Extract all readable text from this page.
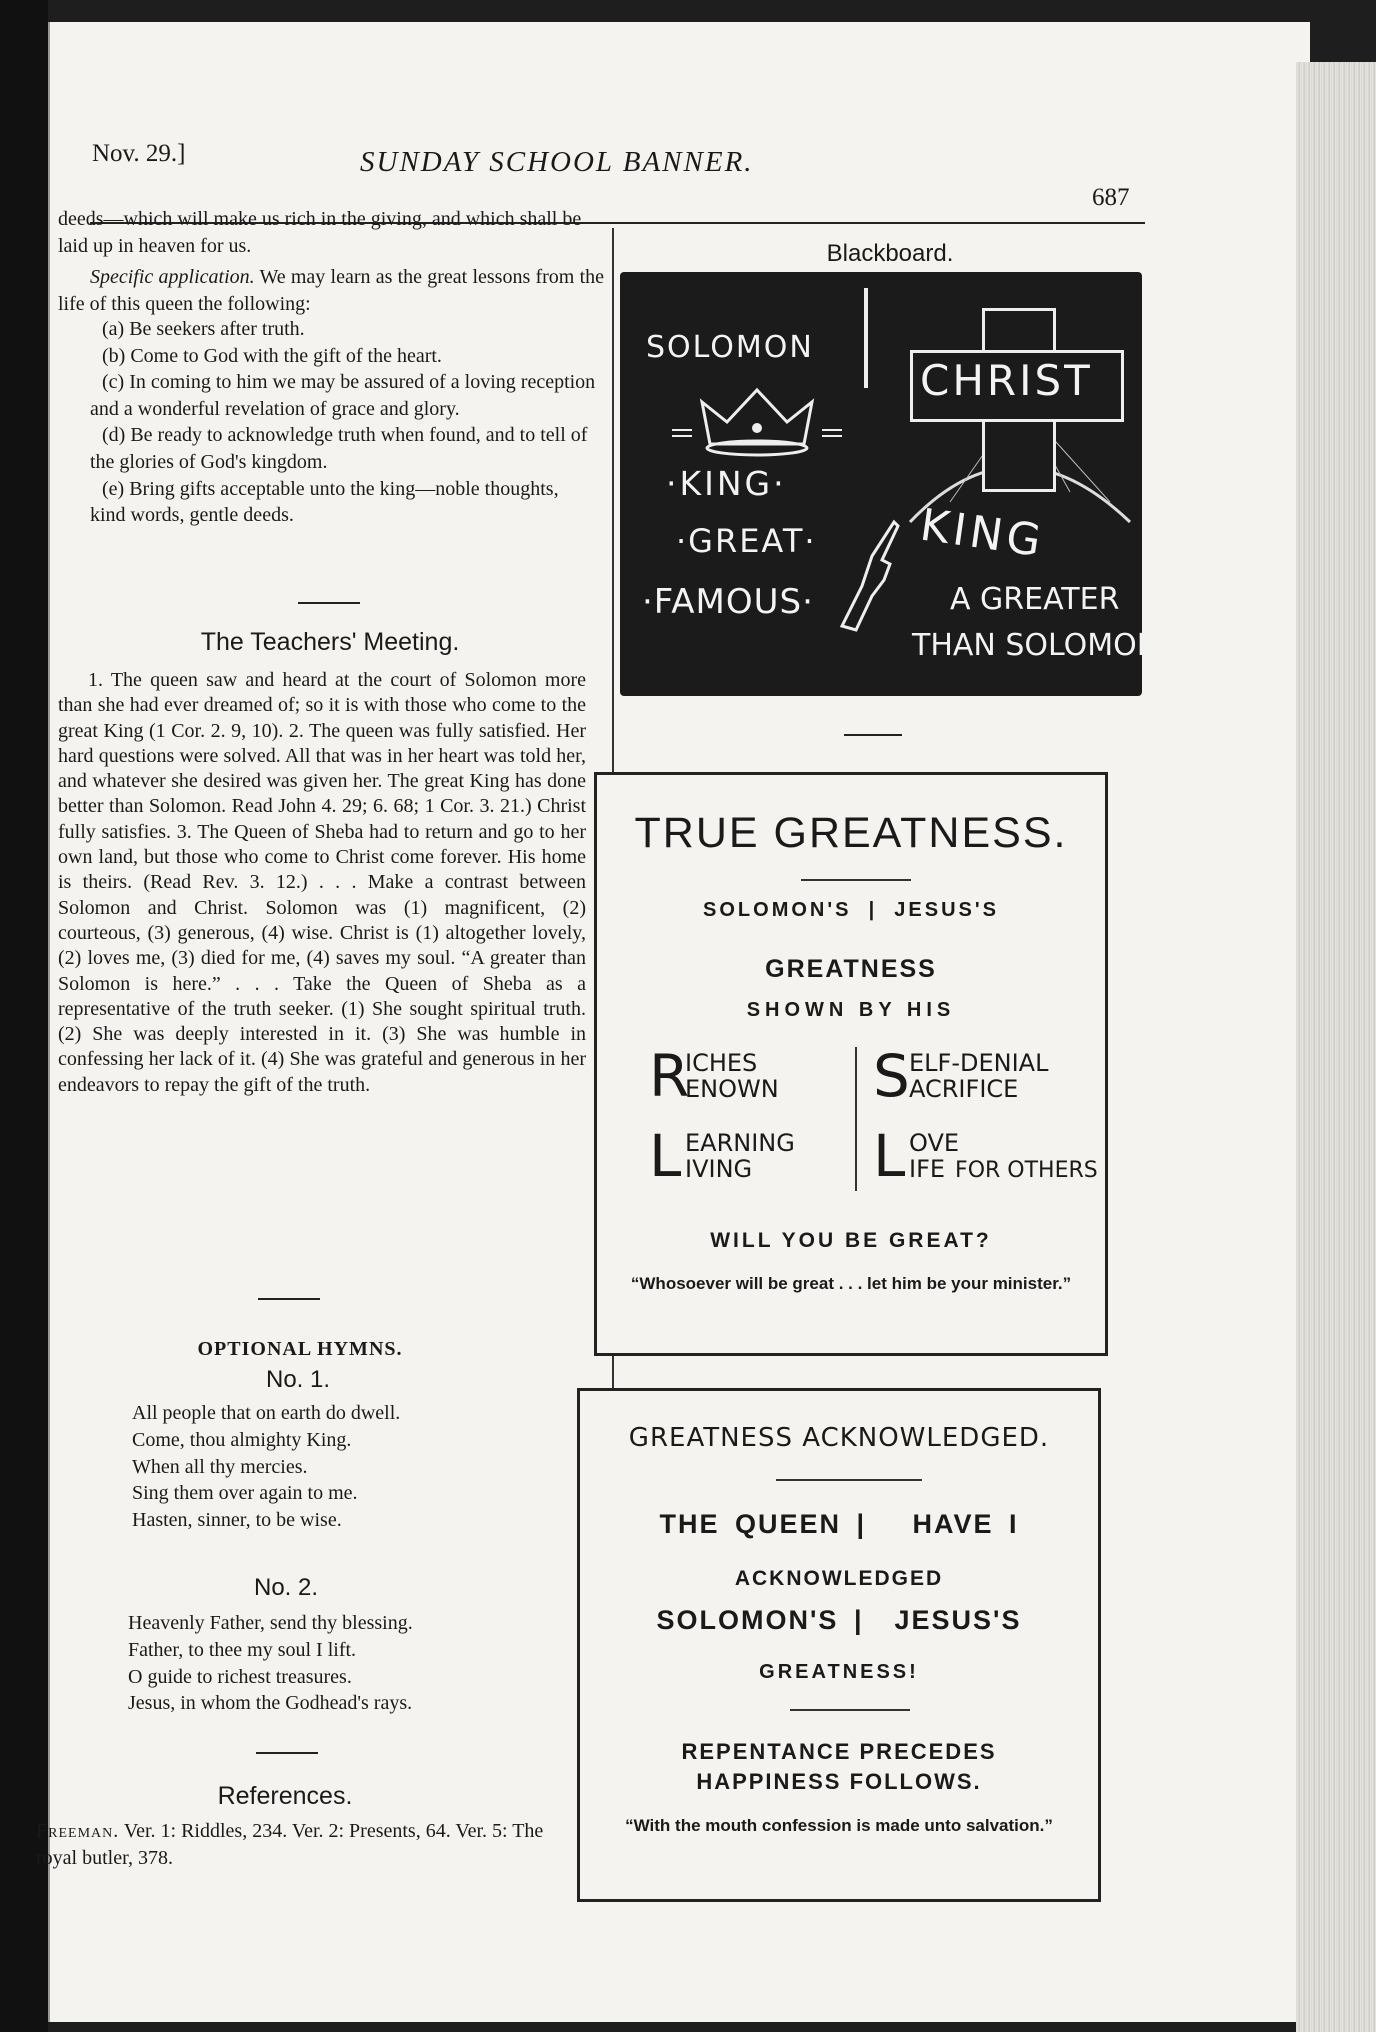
Nov. 29.]	SUNDAY SCHOOL BANNER.
687
deeds—which will make us rich in the giving, and which shall be laid up in heaven for us.
Specific application. We may learn as the great lessons from the life of this queen the following:
(a) Be seekers after truth.
(b) Come to God with the gift of the heart.
(c) In coming to him we may be assured of a loving reception and a wonderful revelation of grace and glory.
(d) Be ready to acknowledge truth when found, and to tell of the glories of God's kingdom.
(e) Bring gifts acceptable unto the king—noble thoughts, kind words, gentle deeds.
The Teachers' Meeting.
1. The queen saw and heard at the court of Solomon more than she had ever dreamed of; so it is with those who come to the great King (1 Cor. 2. 9, 10). 2. The queen was fully satisfied. Her hard questions were solved. All that was in her heart was told her, and whatever she desired was given her. The great King has done better than Solomon. Read John 4. 29; 6. 68; 1 Cor. 3. 21.) Christ fully satisfies. 3. The Queen of Sheba had to return and go to her own land, but those who come to Christ come forever. His home is theirs. (Read Rev. 3. 12.) . . . Make a contrast between Solomon and Christ. Solomon was (1) magnificent, (2) courteous, (3) generous, (4) wise. Christ is (1) altogether lovely, (2) loves me, (3) died for me, (4) saves my soul. “A greater than Solomon is here.” . . . Take the Queen of Sheba as a representative of the truth seeker. (1) She sought spiritual truth. (2) She was deeply interested in it. (3) She was humble in confessing her lack of it. (4) She was grateful and generous in her endeavors to repay the gift of the truth.
OPTIONAL HYMNS.
No. 1.
All people that on earth do dwell.
Come, thou almighty King.
When all thy mercies.
Sing them over again to me.
Hasten, sinner, to be wise.
No. 2.
Heavenly Father, send thy blessing.
Father, to thee my soul I lift.
O guide to richest treasures.
Jesus, in whom the Godhead's rays.
References.
Freeman. Ver. 1: Riddles, 234. Ver. 2: Presents, 64. Ver. 5: The royal butler, 378.
Blackboard.
SOLOMON
·KING·
·GREAT·
·FAMOUS·
CHRIST
KING
A GREATER
THAN SOLOMON
TRUE GREATNESS.
SOLOMON'S  |  JESUS'S
GREATNESS
SHOWN BY HIS
R
ICHES
ENOWN
L EARNING
IVING
S ELF-DENIAL
ACRIFICE
L OVE
IFE FOR OTHERS
WILL YOU BE GREAT?
“Whosoever will be great . . . let him be your minister.”
GREATNESS ACKNOWLEDGED.
THE QUEEN |   HAVE I
ACKNOWLEDGED
SOLOMON'S |  JESUS'S
GREATNESS!
REPENTANCE PRECEDES
HAPPINESS FOLLOWS.
“With the mouth confession is made unto salvation.”
